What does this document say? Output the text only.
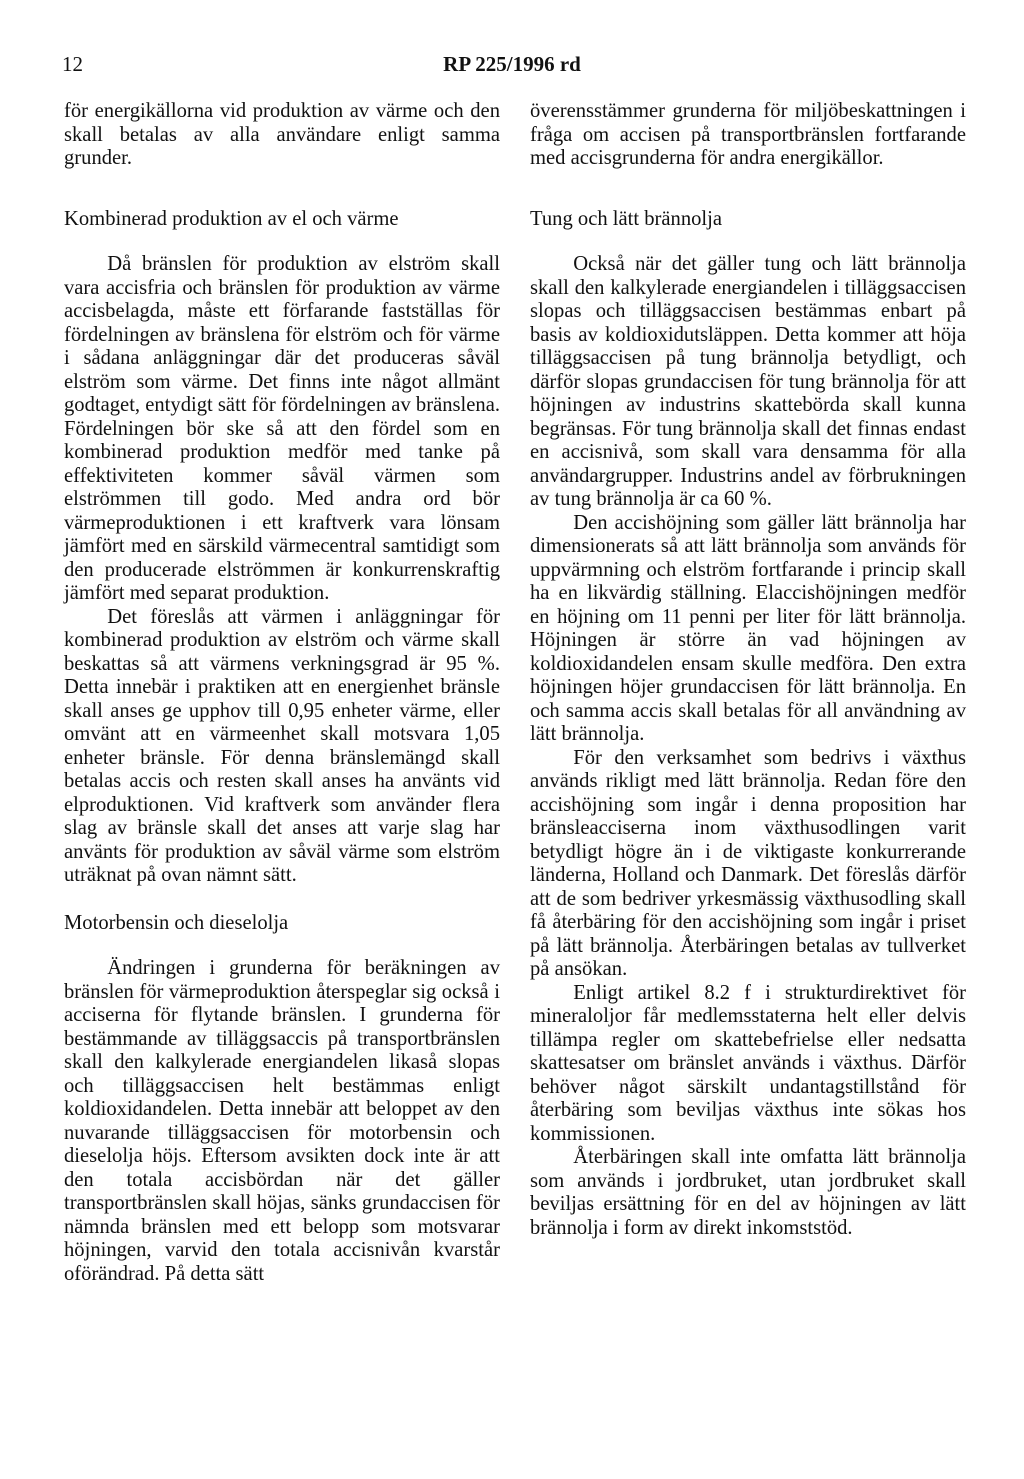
12	RP 225/1996 rd

för energikällorna vid produktion av värme och den skall betalas av alla användare enligt samma grunder.

Kombinerad produktion av el och värme

Då bränslen för produktion av elström skall vara accisfria och bränslen för produktion av värme accisbelagda, måste ett förfarande fastställas för fördelningen av bränslena för elström och för värme i sådana anläggningar där det produceras såväl elström som värme. Det finns inte något allmänt godtaget, entydigt sätt för fördelningen av bränslena. Fördelningen bör ske så att den fördel som en kombinerad produktion medför med tanke på effektiviteten kommer såväl värmen som elströmmen till godo. Med andra ord bör värmeproduktionen i ett kraftverk vara lönsam jämfört med en särskild värmecentral samtidigt som den producerade elströmmen är konkurrenskraftig jämfört med separat produktion.

Det föreslås att värmen i anläggningar för kombinerad produktion av elström och värme skall beskattas så att värmens verkningsgrad är 95 %. Detta innebär i praktiken att en energienhet bränsle skall anses ge upphov till 0,95 enheter värme, eller omvänt att en värmeenhet skall motsvara 1,05 enheter bränsle. För denna bränslemängd skall betalas accis och resten skall anses ha använts vid elproduktionen. Vid kraftverk som använder flera slag av bränsle skall det anses att varje slag har använts för produktion av såväl värme som elström uträknat på ovan nämnt sätt.

Motorbensin och dieselolja

Ändringen i grunderna för beräkningen av bränslen för värmeproduktion återspeglar sig också i acciserna för flytande bränslen. I grunderna för bestämmande av tilläggsaccis på transportbränslen skall den kalkylerade energiandelen likaså slopas och tilläggsaccisen helt bestämmas enligt koldioxidandelen. Detta innebär att beloppet av den nuvarande tilläggsaccisen för motorbensin och dieselolja höjs. Eftersom avsikten dock inte är att den totala accisbördan när det gäller transportbränslen skall höjas, sänks grundaccisen för nämnda bränslen med ett belopp som motsvarar höjningen, varvid den totala accisnivån kvarstår oförändrad. På detta sätt

överensstämmer grunderna för miljöbeskattningen i fråga om accisen på transportbränslen fortfarande med accisgrunderna för andra energikällor.

Tung och lätt brännolja

Också när det gäller tung och lätt brännolja skall den kalkylerade energiandelen i tilläggsaccisen slopas och tilläggsaccisen bestämmas enbart på basis av koldioxidutsläppen. Detta kommer att höja tilläggsaccisen på tung brännolja betydligt, och därför slopas grundaccisen för tung brännolja för att höjningen av industrins skattebörda skall kunna begränsas. För tung brännolja skall det finnas endast en accisnivå, som skall vara densamma för alla användargrupper. Industrins andel av förbrukningen av tung brännolja är ca 60 %.

Den accishöjning som gäller lätt brännolja har dimensionerats så att lätt brännolja som används för uppvärmning och elström fortfarande i princip skall ha en likvärdig ställning. Elaccishöjningen medför en höjning om 11 penni per liter för lätt brännolja. Höjningen är större än vad höjningen av koldioxidandelen ensam skulle medföra. Den extra höjningen höjer grundaccisen för lätt brännolja. En och samma accis skall betalas för all användning av lätt brännolja.

För den verksamhet som bedrivs i växthus används rikligt med lätt brännolja. Redan före den accishöjning som ingår i denna proposition har bränsleacciserna inom växthusodlingen varit betydligt högre än i de viktigaste konkurrerande länderna, Holland och Danmark. Det föreslås därför att de som bedriver yrkesmässig växthusodling skall få återbäring för den accishöjning som ingår i priset på lätt brännolja. Återbäringen betalas av tullverket på ansökan.

Enligt artikel 8.2 f i strukturdirektivet för mineraloljor får medlemsstaterna helt eller delvis tillämpa regler om skattebefrielse eller nedsatta skattesatser om bränslet används i växthus. Därför behöver något särskilt undantagstillstånd för återbäring som beviljas växthus inte sökas hos kommissionen.

Återbäringen skall inte omfatta lätt brännolja som används i jordbruket, utan jordbruket skall beviljas ersättning för en del av höjningen av lätt brännolja i form av direkt inkomststöd.
